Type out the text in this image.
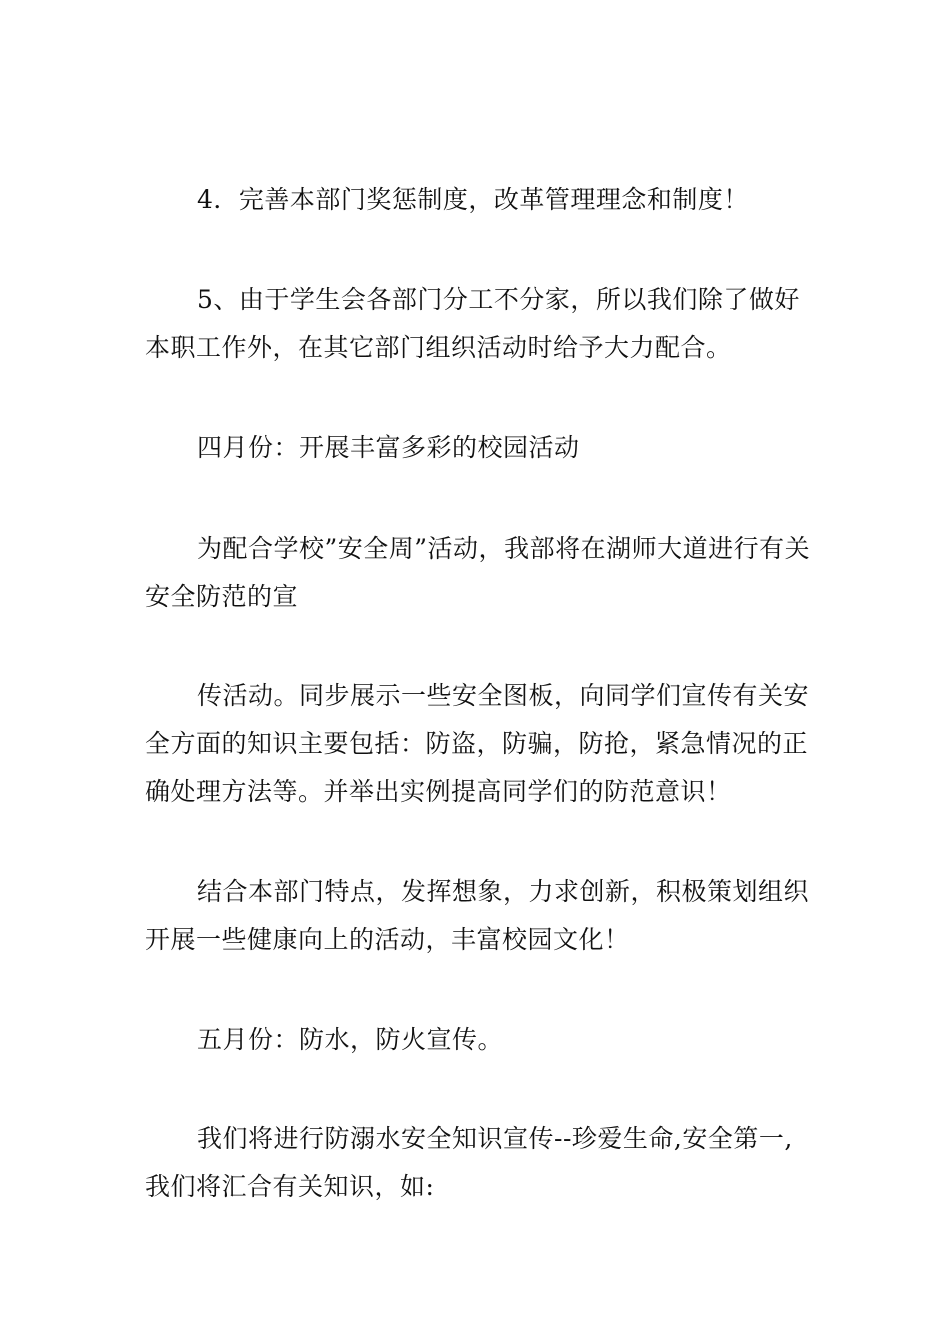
4．完善本部门奖惩制度，改革管理理念和制度！

5、由于学生会各部门分工不分家，所以我们除了做好本职工作外，在其它部门组织活动时给予大力配合。

四月份：开展丰富多彩的校园活动

为配合学校”安全周”活动，我部将在湖师大道进行有关安全防范的宣

传活动。同步展示一些安全图板，向同学们宣传有关安全方面的知识主要包括：防盗，防骗，防抢，紧急情况的正确处理方法等。并举出实例提高同学们的防范意识！

结合本部门特点，发挥想象，力求创新，积极策划组织开展一些健康向上的活动，丰富校园文化！

五月份：防水，防火宣传。

我们将进行防溺水安全知识宣传--珍爱生命,安全第一,我们将汇合有关知识，如:
